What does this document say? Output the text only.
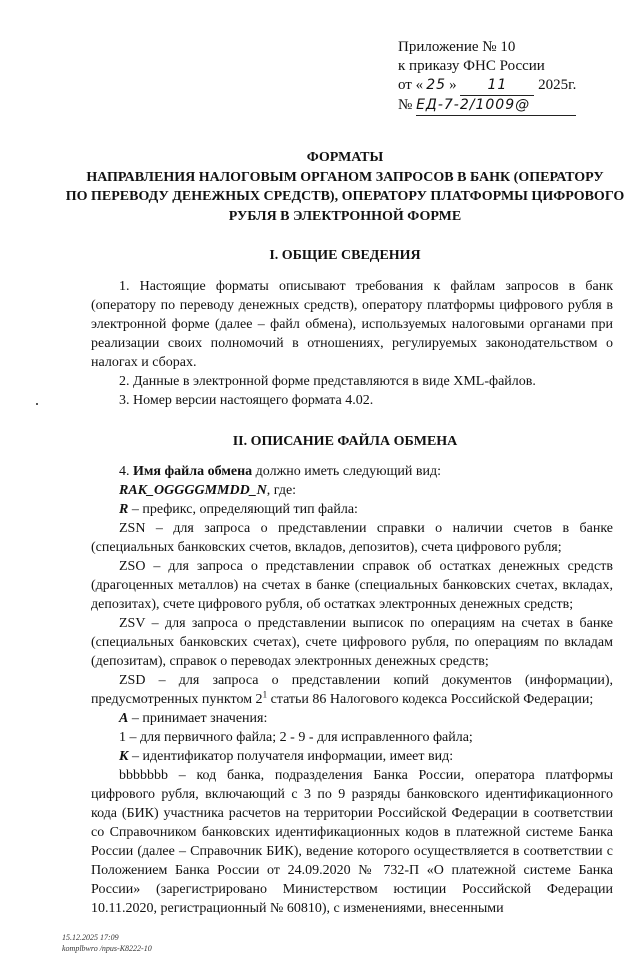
Приложение № 10
к приказу ФНС России
от « 25 » 11 2025г.
№ ЕД-7-2/1009@
ФОРМАТЫ
НАПРАВЛЕНИЯ НАЛОГОВЫМ ОРГАНОМ ЗАПРОСОВ В БАНК (ОПЕРАТОРУ
ПО ПЕРЕВОДУ ДЕНЕЖНЫХ СРЕДСТВ), ОПЕРАТОРУ ПЛАТФОРМЫ ЦИФРОВОГО
РУБЛЯ В ЭЛЕКТРОННОЙ ФОРМЕ
I. ОБЩИЕ СВЕДЕНИЯ

1. Настоящие форматы описывают требования к файлам запросов в банк (оператору по переводу денежных средств), оператору платформы цифрового рубля в электронной форме (далее – файл обмена), используемых налоговыми органами при реализации своих полномочий в отношениях, регулируемых законодательством о налогах и сборах.

2. Данные в электронной форме представляются в виде XML-файлов.

3. Номер версии настоящего формата 4.02.

II. ОПИСАНИЕ ФАЙЛА ОБМЕНА

4. Имя файла обмена должно иметь следующий вид:

RAK_OGGGGMMDD_N, где:

R – префикс, определяющий тип файла:

ZSN – для запроса о представлении справки о наличии счетов в банке (специальных банковских счетов, вкладов, депозитов), счета цифрового рубля;

ZSO – для запроса о представлении справок об остатках денежных средств (драгоценных металлов) на счетах в банке (специальных банковских счетах, вкладах, депозитах), счете цифрового рубля, об остатках электронных денежных средств;

ZSV – для запроса о представлении выписок по операциям на счетах в банке (специальных банковских счетах), счете цифрового рубля, по операциям по вкладам (депозитам), справок о переводах электронных денежных средств;

ZSD – для запроса о представлении копий документов (информации), предусмотренных пунктом $2^1$ статьи 86 Налогового кодекса Российской Федерации;

А – принимает значения:

1 – для первичного файла; 2 - 9 - для исправленного файла;

К – идентификатор получателя информации, имеет вид:

bbbbbbb – код банка, подразделения Банка России, оператора платформы цифрового рубля, включающий с 3 по 9 разряды банковского идентификационного кода (БИК) участника расчетов на территории Российской Федерации в соответствии со Справочником банковских идентификационных кодов в платежной системе Банка России (далее – Справочник БИК), ведение которого осуществляется в соответствии с Положением Банка России от 24.09.2020 № 732-П «О платежной системе Банка России» (зарегистрировано Министерством юстиции Российской Федерации 10.11.2020, регистрационный № 60810), с изменениями, внесенными

15.12.2025 17:09
komplbwro /npus-K8222-10
